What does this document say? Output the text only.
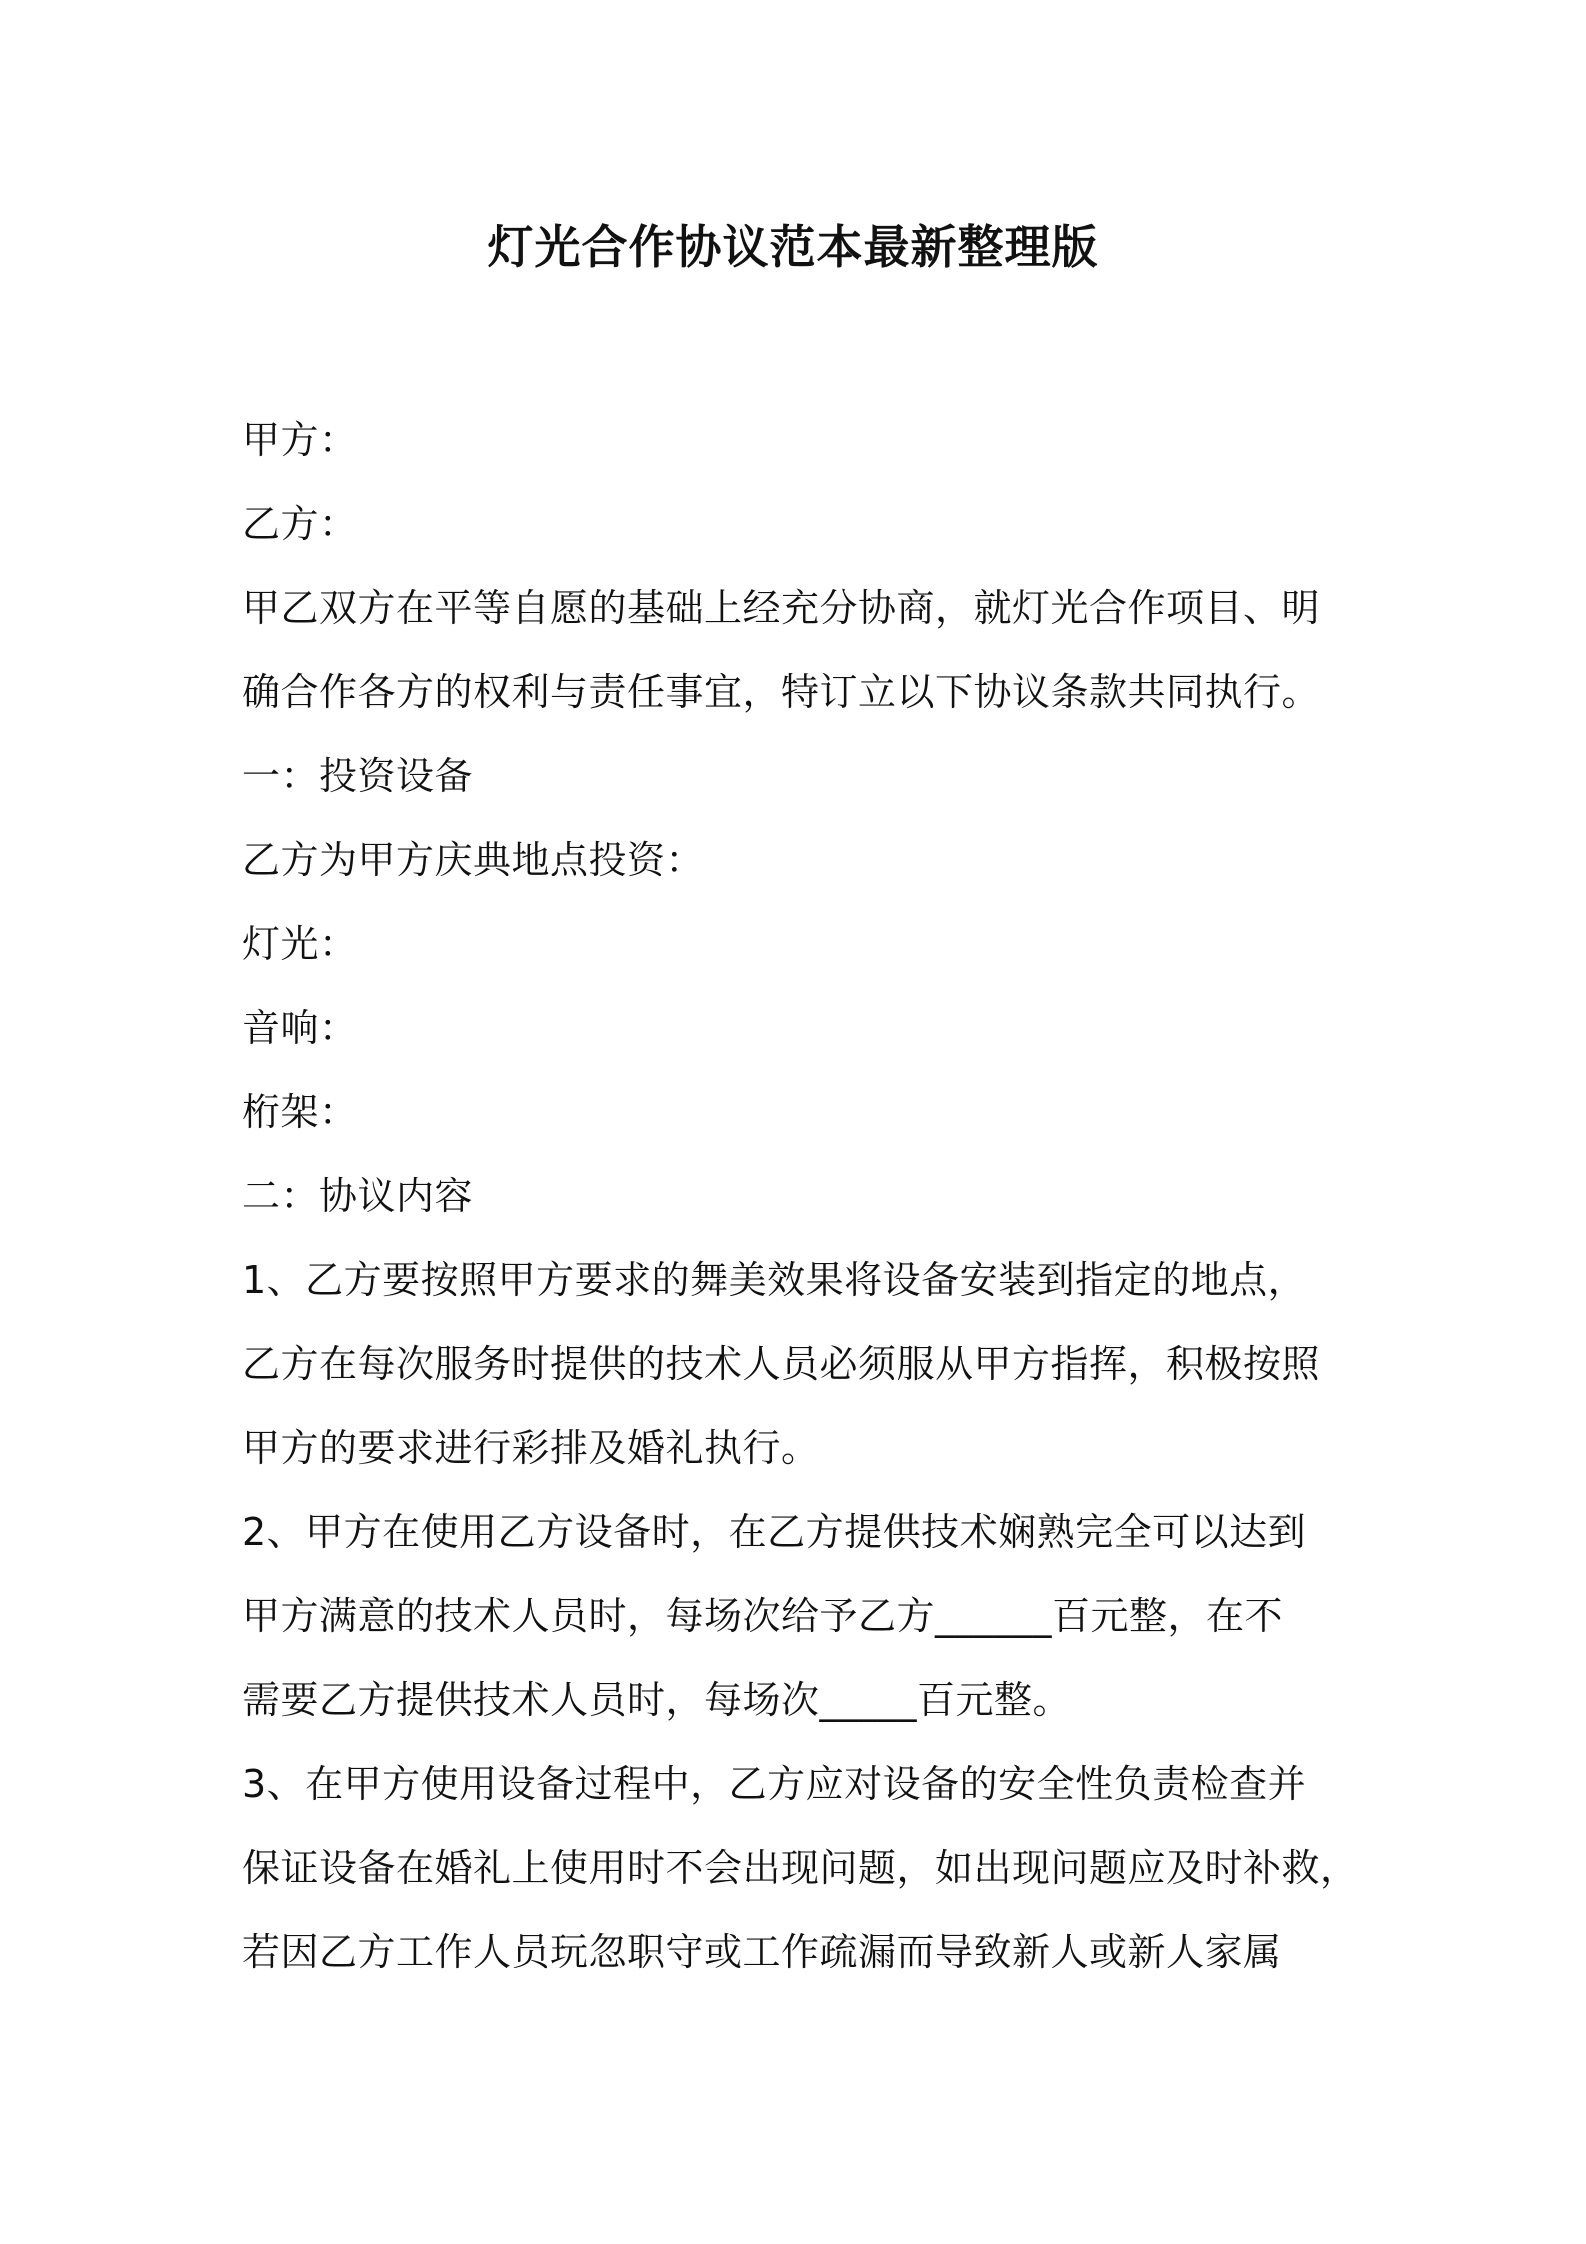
灯光合作协议范本最新整理版
甲方：
乙方：
甲乙双方在平等自愿的基础上经充分协商，就灯光合作项目、明
确合作各方的权利与责任事宜，特订立以下协议条款共同执行。
一：投资设备
乙方为甲方庆典地点投资：
灯光：
音响：
桁架：
二：协议内容
1、乙方要按照甲方要求的舞美效果将设备安装到指定的地点，
乙方在每次服务时提供的技术人员必须服从甲方指挥，积极按照
甲方的要求进行彩排及婚礼执行。
2、甲方在使用乙方设备时，在乙方提供技术娴熟完全可以达到
甲方满意的技术人员时，每场次给予乙方______百元整，在不
需要乙方提供技术人员时，每场次_____百元整。
3、在甲方使用设备过程中，乙方应对设备的安全性负责检查并
保证设备在婚礼上使用时不会出现问题，如出现问题应及时补救，
若因乙方工作人员玩忽职守或工作疏漏而导致新人或新人家属
